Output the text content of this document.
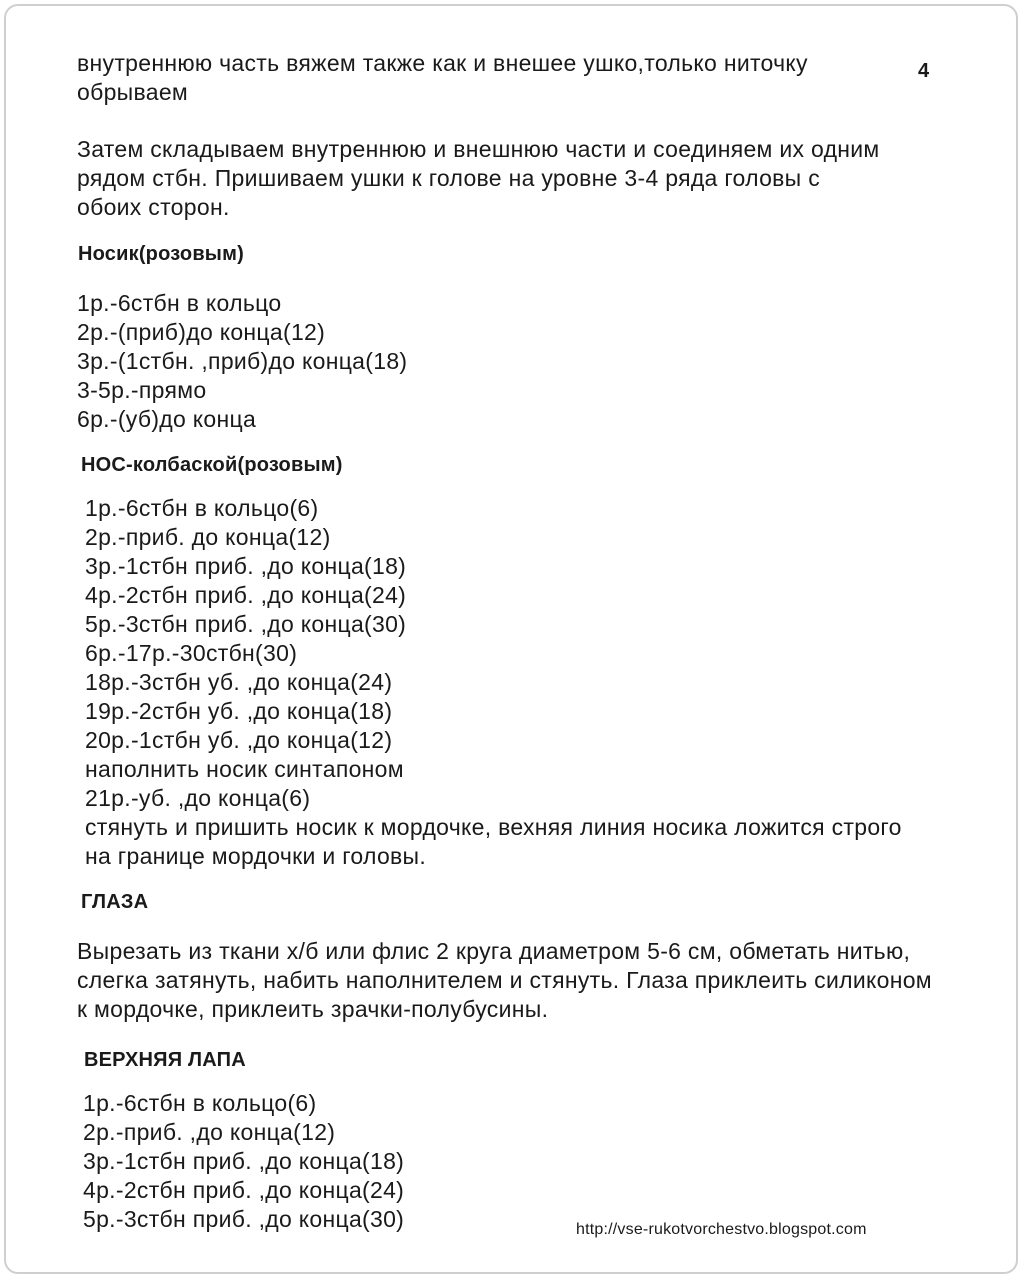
4
внутреннюю часть вяжем также как и внешее ушко,только ниточку
обрываем
Затем складываем внутреннюю и внешнюю части и соединяем их одним
рядом стбн. Пришиваем ушки к голове на уровне 3-4 ряда головы с
обоих сторон.
Носик(розовым)
1р.-6стбн в кольцо
2р.-(приб)до конца(12)
3р.-(1стбн. ,приб)до конца(18)
3-5р.-прямо
6р.-(уб)до конца
НОС-колбаской(розовым)
1р.-6стбн в кольцо(6)
2р.-приб. до конца(12)
3р.-1стбн приб. ,до конца(18)
4р.-2стбн приб. ,до конца(24)
5р.-3стбн приб. ,до конца(30)
6р.-17р.-30стбн(30)
18р.-3стбн уб. ,до конца(24)
19р.-2стбн уб. ,до конца(18)
20р.-1стбн уб. ,до конца(12)
наполнить носик синтапоном
21р.-уб. ,до конца(6)
стянуть и пришить носик к мордочке, вехняя линия носика ложится строго
на границе мордочки и головы.
ГЛАЗА
Вырезать из ткани х/б или флис 2 круга диаметром 5-6 см, обметать нитью,
слегка затянуть, набить наполнителем и стянуть. Глаза приклеить силиконом
к мордочке, приклеить зрачки-полубусины.
ВЕРХНЯЯ ЛАПА
1р.-6стбн в кольцо(6)
2р.-приб. ,до конца(12)
3р.-1стбн приб. ,до конца(18)
4р.-2стбн приб. ,до конца(24)
5р.-3стбн приб. ,до конца(30)	http://vse-rukotvorchestvo.blogspot.com
